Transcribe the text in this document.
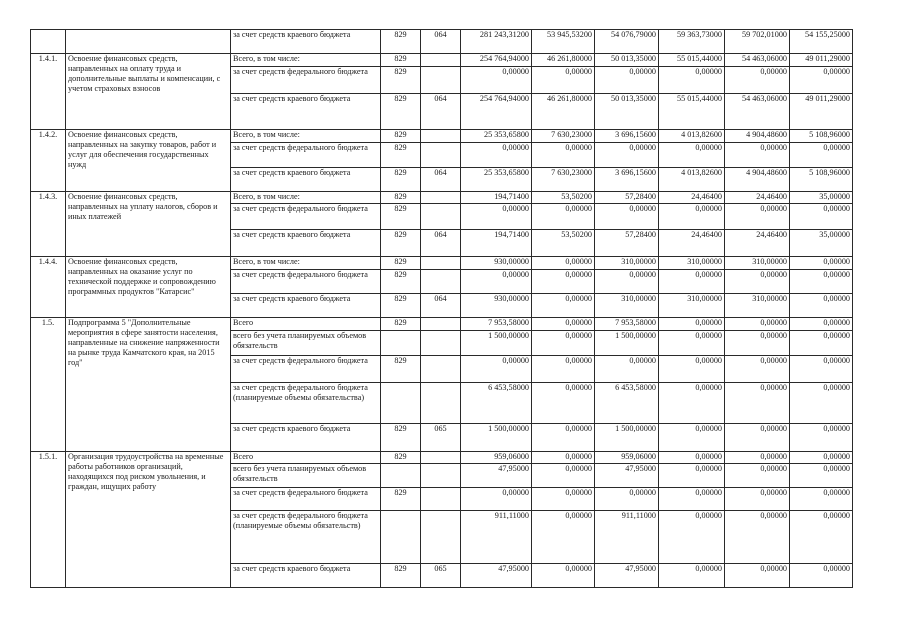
		за счет средств краевого бюджета	829	064	281 243,31200	53 945,53200	54 076,79000	59 363,73000	59 702,01000	54 155,25000
1.4.1.	Освоение финансовых средств, направленных на оплату труда и дополнительные выплаты и компенсации, с учетом страховых взносов	Всего, в том числе:	829		254 764,94000	46 261,80000	50 013,35000	55 015,44000	54 463,06000	49 011,29000
		за счет средств федерального бюджета	829		0,00000	0,00000	0,00000	0,00000	0,00000	0,00000
		за счет средств краевого бюджета	829	064	254 764,94000	46 261,80000	50 013,35000	55 015,44000	54 463,06000	49 011,29000
1.4.2.	Освоение финансовых средств, направленных на закупку товаров, работ и услуг для обеспечения государственных нужд	Всего, в том числе:	829		25 353,65800	7 630,23000	3 696,15600	4 013,82600	4 904,48600	5 108,96000
		за счет средств федерального бюджета	829		0,00000	0,00000	0,00000	0,00000	0,00000	0,00000
		за счет средств краевого бюджета	829	064	25 353,65800	7 630,23000	3 696,15600	4 013,82600	4 904,48600	5 108,96000
1.4.3.	Освоение финансовых средств, направленных на уплату налогов, сборов и иных платежей	Всего, в том числе:	829		194,71400	53,50200	57,28400	24,46400	24,46400	35,00000
		за счет средств федерального бюджета	829		0,00000	0,00000	0,00000	0,00000	0,00000	0,00000
		за счет средств краевого бюджета	829	064	194,71400	53,50200	57,28400	24,46400	24,46400	35,00000
1.4.4.	Освоение финансовых средств, направленных на оказание услуг по технической поддержке и сопровождению программных продуктов "Катарсис"	Всего, в том числе:	829		930,00000	0,00000	310,00000	310,00000	310,00000	0,00000
		за счет средств федерального бюджета	829		0,00000	0,00000	0,00000	0,00000	0,00000	0,00000
		за счет средств краевого бюджета	829	064	930,00000	0,00000	310,00000	310,00000	310,00000	0,00000
1.5.	Подпрограмма 5 "Дополнительные мероприятия в сфере занятости населения, направленные на снижение напряженности на рынке труда Камчатского края, на 2015 год"	Всего	829		7 953,58000	0,00000	7 953,58000	0,00000	0,00000	0,00000
		всего без учета планируемых объемов обязательств			1 500,00000	0,00000	1 500,00000	0,00000	0,00000	0,00000
		за счет средств федерального бюджета	829		0,00000	0,00000	0,00000	0,00000	0,00000	0,00000
		за счет средств федерального бюджета (планируемые объемы обязательства)			6 453,58000	0,00000	6 453,58000	0,00000	0,00000	0,00000
		за счет средств краевого бюджета	829	065	1 500,00000	0,00000	1 500,00000	0,00000	0,00000	0,00000
1.5.1.	Организация трудоустройства на временные работы работников организаций, находящихся под риском увольнения, и граждан, ищущих работу	Всего	829		959,06000	0,00000	959,06000	0,00000	0,00000	0,00000
		всего без учета планируемых объемов обязательств			47,95000	0,00000	47,95000	0,00000	0,00000	0,00000
		за счет средств федерального бюджета	829		0,00000	0,00000	0,00000	0,00000	0,00000	0,00000
		за счет средств федерального бюджета (планируемые объемы обязательств)			911,11000	0,00000	911,11000	0,00000	0,00000	0,00000
		за счет средств краевого бюджета	829	065	47,95000	0,00000	47,95000	0,00000	0,00000	0,00000
